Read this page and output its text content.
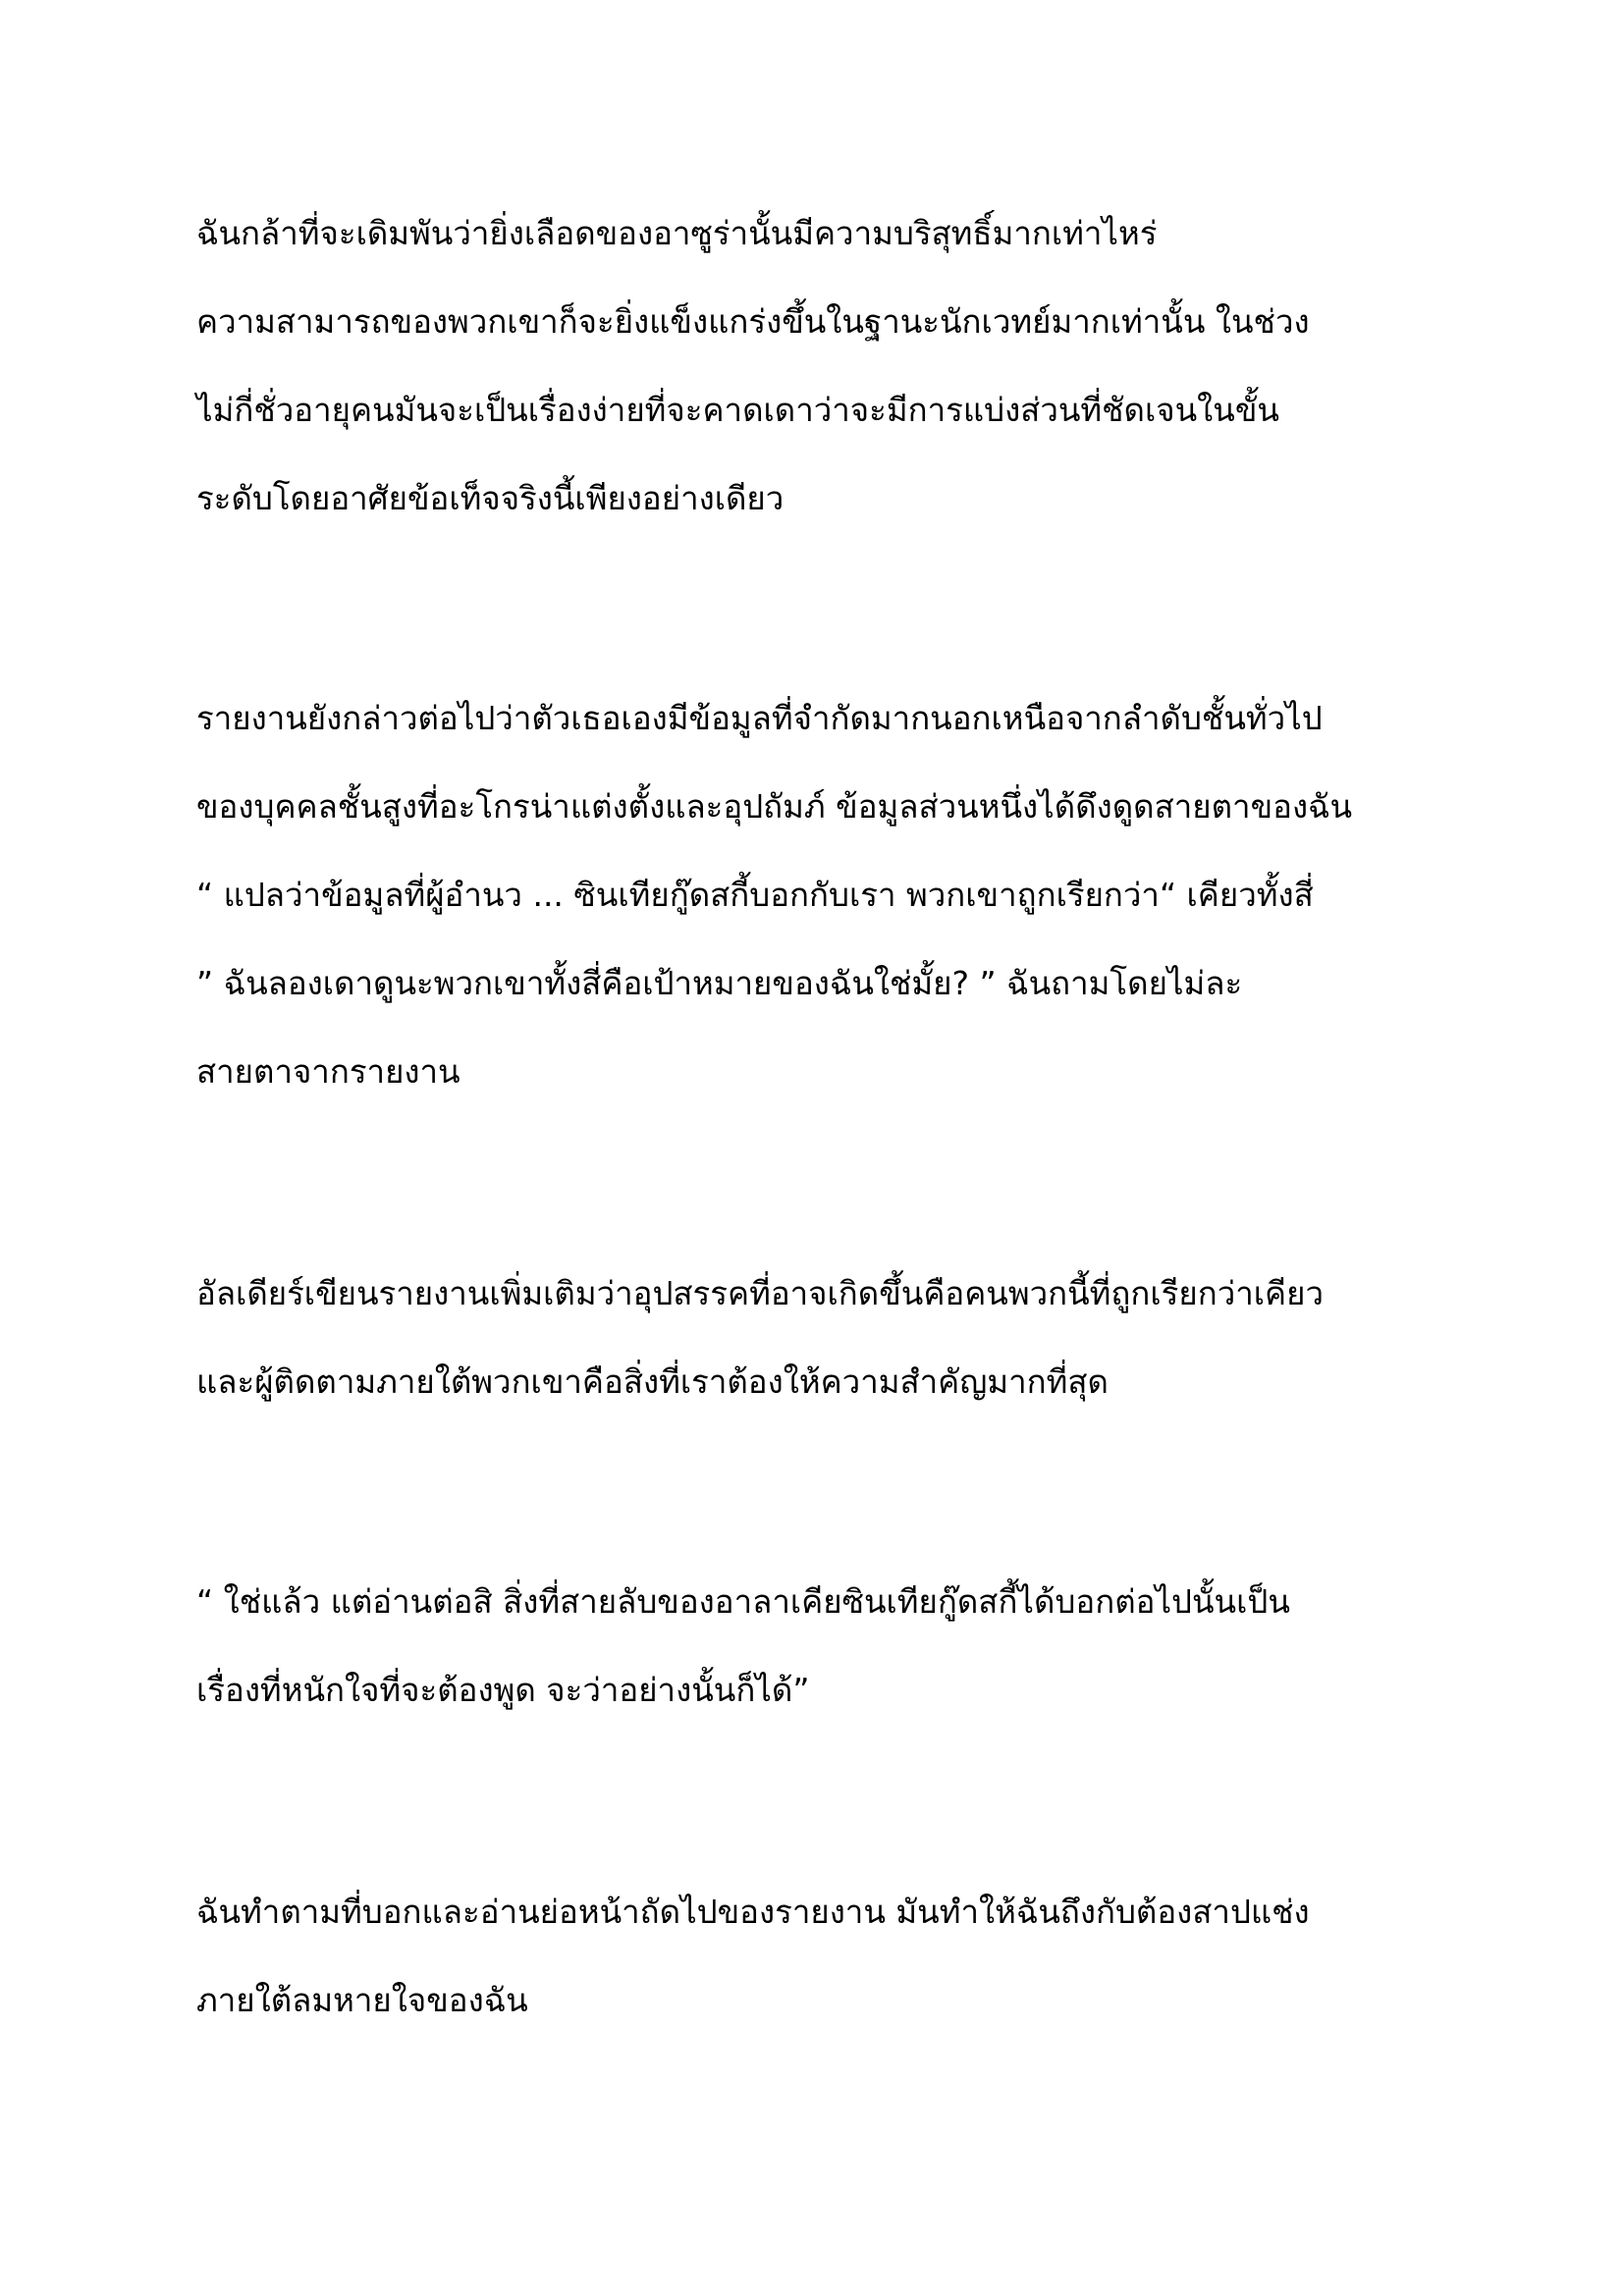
ฉันกล้าที่จะเดิมพันว่ายิ่งเลือดของอาซูร่านั้นมีความบริสุทธิ์มากเท่าไหร่
ความสามารถของพวกเขาก็จะยิ่งแข็งแกร่งขึ้นในฐานะนักเวทย์มากเท่านั้น ในช่วง
ไม่กี่ชั่วอายุคนมันจะเป็นเรื่องง่ายที่จะคาดเดาว่าจะมีการแบ่งส่วนที่ชัดเจนในขั้น
ระดับโดยอาศัยข้อเท็จจริงนี้เพียงอย่างเดียว
รายงานยังกล่าวต่อไปว่าตัวเธอเองมีข้อมูลที่จำกัดมากนอกเหนือจากลำดับชั้นทั่วไป
ของบุคคลชั้นสูงที่อะโกรน่าแต่งตั้งและอุปถัมภ์ ข้อมูลส่วนหนึ่งได้ดึงดูดสายตาของฉัน
“ แปลว่าข้อมูลที่ผู้อำนว ... ซินเทียกู๊ดสกี้บอกกับเรา พวกเขาถูกเรียกว่า“ เคียวทั้งสี่
” ฉันลองเดาดูนะพวกเขาทั้งสี่คือเป้าหมายของฉันใช่มั้ย? ” ฉันถามโดยไม่ละ
สายตาจากรายงาน
อัลเดียร์เขียนรายงานเพิ่มเติมว่าอุปสรรคที่อาจเกิดขึ้นคือคนพวกนี้ที่ถูกเรียกว่าเคียว
และผู้ติดตามภายใต้พวกเขาคือสิ่งที่เราต้องให้ความสำคัญมากที่สุด
“ ใช่แล้ว แต่อ่านต่อสิ สิ่งที่สายลับของอาลาเคียซินเทียกู๊ดสกี้ได้บอกต่อไปนั้นเป็น
เรื่องที่หนักใจที่จะต้องพูด จะว่าอย่างนั้นก็ได้”
ฉันทำตามที่บอกและอ่านย่อหน้าถัดไปของรายงาน มันทำให้ฉันถึงกับต้องสาปแช่ง
ภายใต้ลมหายใจของฉัน
